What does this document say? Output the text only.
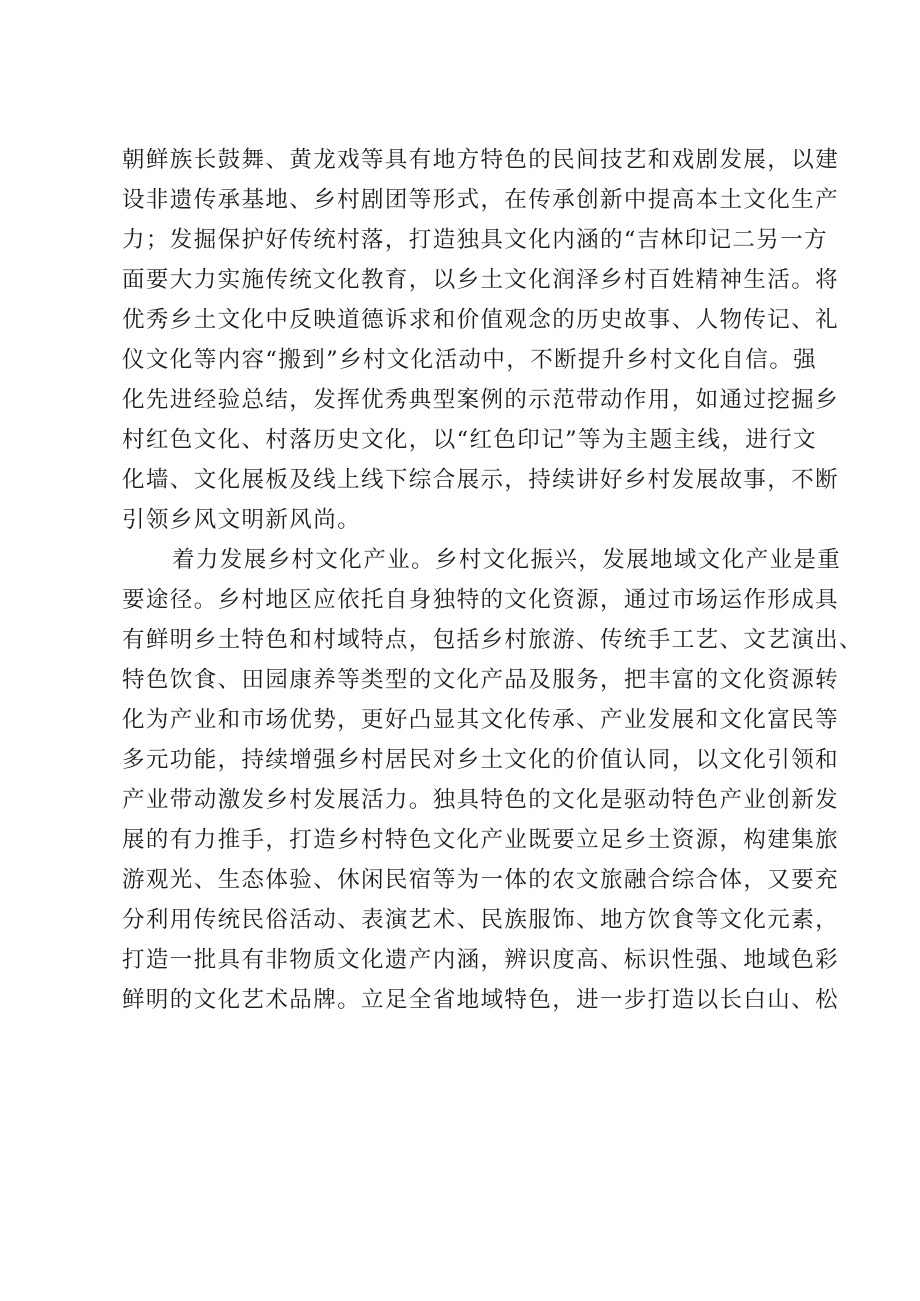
朝鲜族长鼓舞、黄龙戏等具有地方特色的民间技艺和戏剧发展，以建
设非遗传承基地、乡村剧团等形式，在传承创新中提高本土文化生产
力；发掘保护好传统村落，打造独具文化内涵的“吉林印记二另一方
面要大力实施传统文化教育，以乡土文化润泽乡村百姓精神生活。将
优秀乡土文化中反映道德诉求和价值观念的历史故事、人物传记、礼
仪文化等内容“搬到”乡村文化活动中，不断提升乡村文化自信。强
化先进经验总结，发挥优秀典型案例的示范带动作用，如通过挖掘乡
村红色文化、村落历史文化，以“红色印记”等为主题主线，进行文
化墙、文化展板及线上线下综合展示，持续讲好乡村发展故事，不断
引领乡风文明新风尚。
着力发展乡村文化产业。乡村文化振兴，发展地域文化产业是重
要途径。乡村地区应依托自身独特的文化资源，通过市场运作形成具
有鲜明乡土特色和村域特点，包括乡村旅游、传统手工艺、文艺演出、
特色饮食、田园康养等类型的文化产品及服务，把丰富的文化资源转
化为产业和市场优势，更好凸显其文化传承、产业发展和文化富民等
多元功能，持续增强乡村居民对乡土文化的价值认同，以文化引领和
产业带动激发乡村发展活力。独具特色的文化是驱动特色产业创新发
展的有力推手，打造乡村特色文化产业既要立足乡土资源，构建集旅
游观光、生态体验、休闲民宿等为一体的农文旅融合综合体，又要充
分利用传统民俗活动、表演艺术、民族服饰、地方饮食等文化元素，
打造一批具有非物质文化遗产内涵，辨识度高、标识性强、地域色彩
鲜明的文化艺术品牌。立足全省地域特色，进一步打造以长白山、松
